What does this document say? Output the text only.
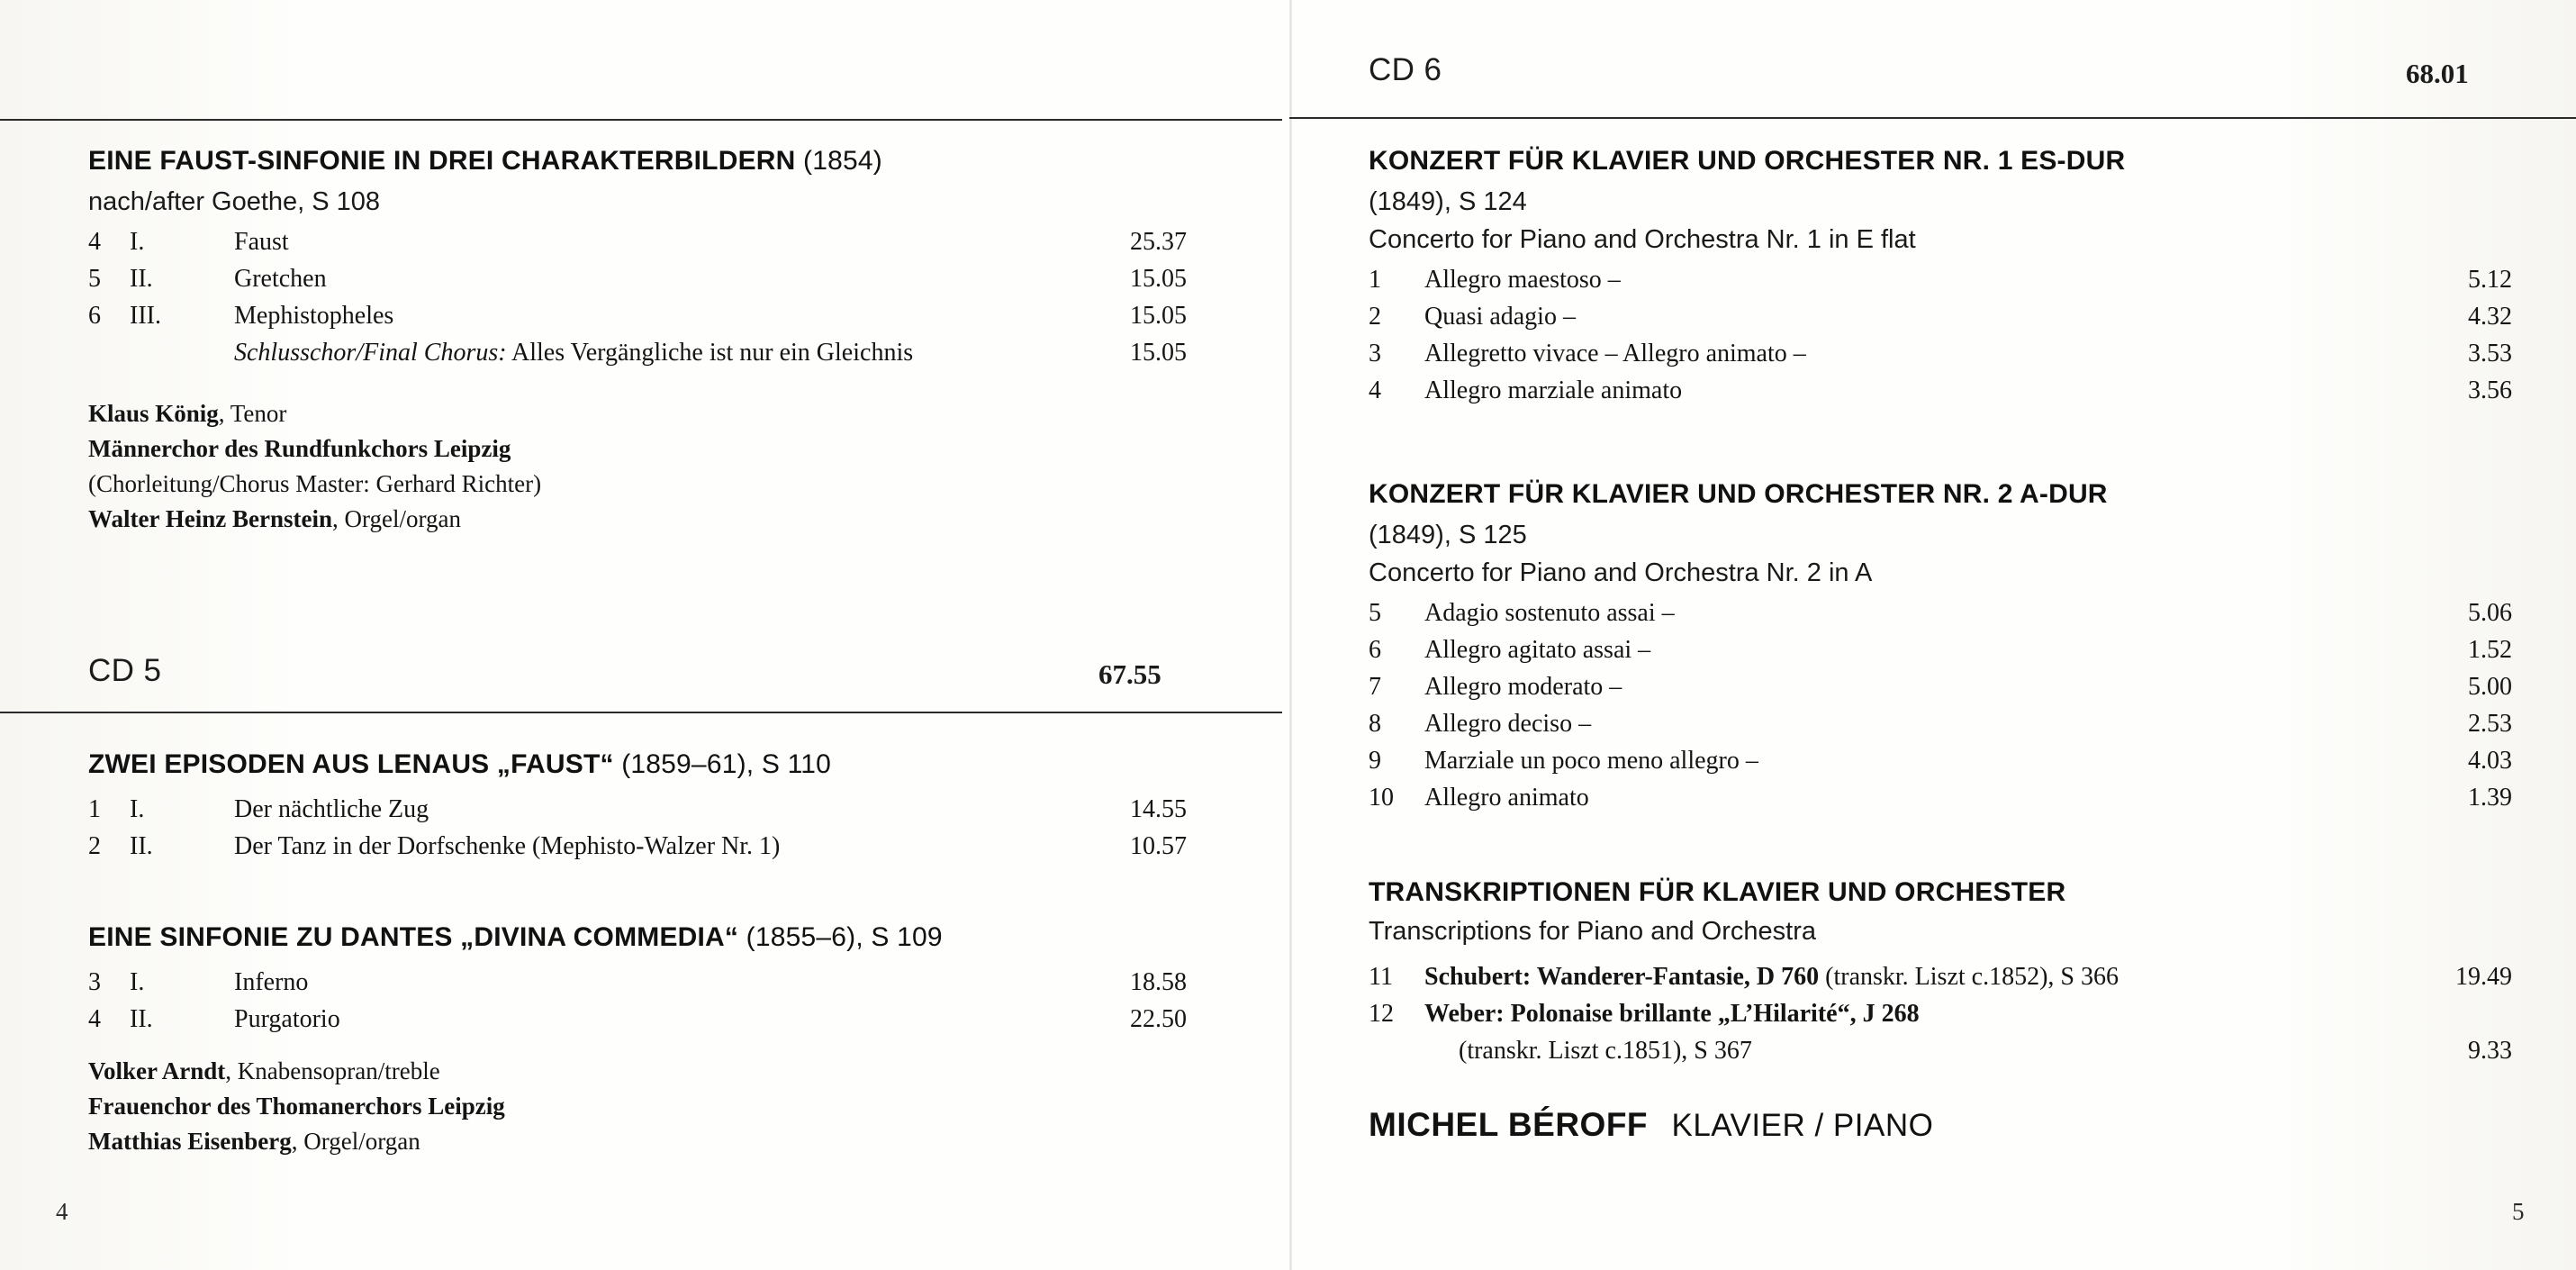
EINE FAUST-SINFONIE IN DREI CHARAKTERBILDERN (1854)
nach/after Goethe, S 108
4	I.	Faust	25.37
5	II.	Gretchen	15.05
6	III.	Mephistopheles	15.05
Schlusschor/Final Chorus: Alles Vergängliche ist nur ein Gleichnis	15.05
Klaus König, Tenor
Männerchor des Rundfunkchors Leipzig
(Chorleitung/Chorus Master: Gerhard Richter)
Walter Heinz Bernstein, Orgel/organ
CD 5	67.55
ZWEI EPISODEN AUS LENAUS „FAUST“ (1859–61), S 110
1	I.	Der nächtliche Zug	14.55
2	II.	Der Tanz in der Dorfschenke (Mephisto-Walzer Nr. 1)	10.57
EINE SINFONIE ZU DANTES „DIVINA COMMEDIA“ (1855–6), S 109
3	I.	Inferno	18.58
4	II.	Purgatorio	22.50
Volker Arndt, Knabensopran/treble
Frauenchor des Thomanerchors Leipzig
Matthias Eisenberg, Orgel/organ
4
CD 6	68.01
KONZERT FÜR KLAVIER UND ORCHESTER NR. 1 ES-DUR
(1849), S 124
Concerto for Piano and Orchestra Nr. 1 in E flat
1	Allegro maestoso –	5.12
2	Quasi adagio –	4.32
3	Allegretto vivace – Allegro animato –	3.53
4	Allegro marziale animato	3.56
KONZERT FÜR KLAVIER UND ORCHESTER NR. 2 A-DUR
(1849), S 125
Concerto for Piano and Orchestra Nr. 2 in A
5	Adagio sostenuto assai –	5.06
6	Allegro agitato assai –	1.52
7	Allegro moderato –	5.00
8	Allegro deciso –	2.53
9	Marziale un poco meno allegro –	4.03
10	Allegro animato	1.39
TRANSKRIPTIONEN FÜR KLAVIER UND ORCHESTER
Transcriptions for Piano and Orchestra
11	Schubert: Wanderer-Fantasie, D 760 (transkr. Liszt c.1852), S 366	19.49
12	Weber: Polonaise brillante „L’Hilarité“, J 268
(transkr. Liszt c.1851), S 367	9.33
MICHEL BÉROFF KLAVIER / PIANO
5
